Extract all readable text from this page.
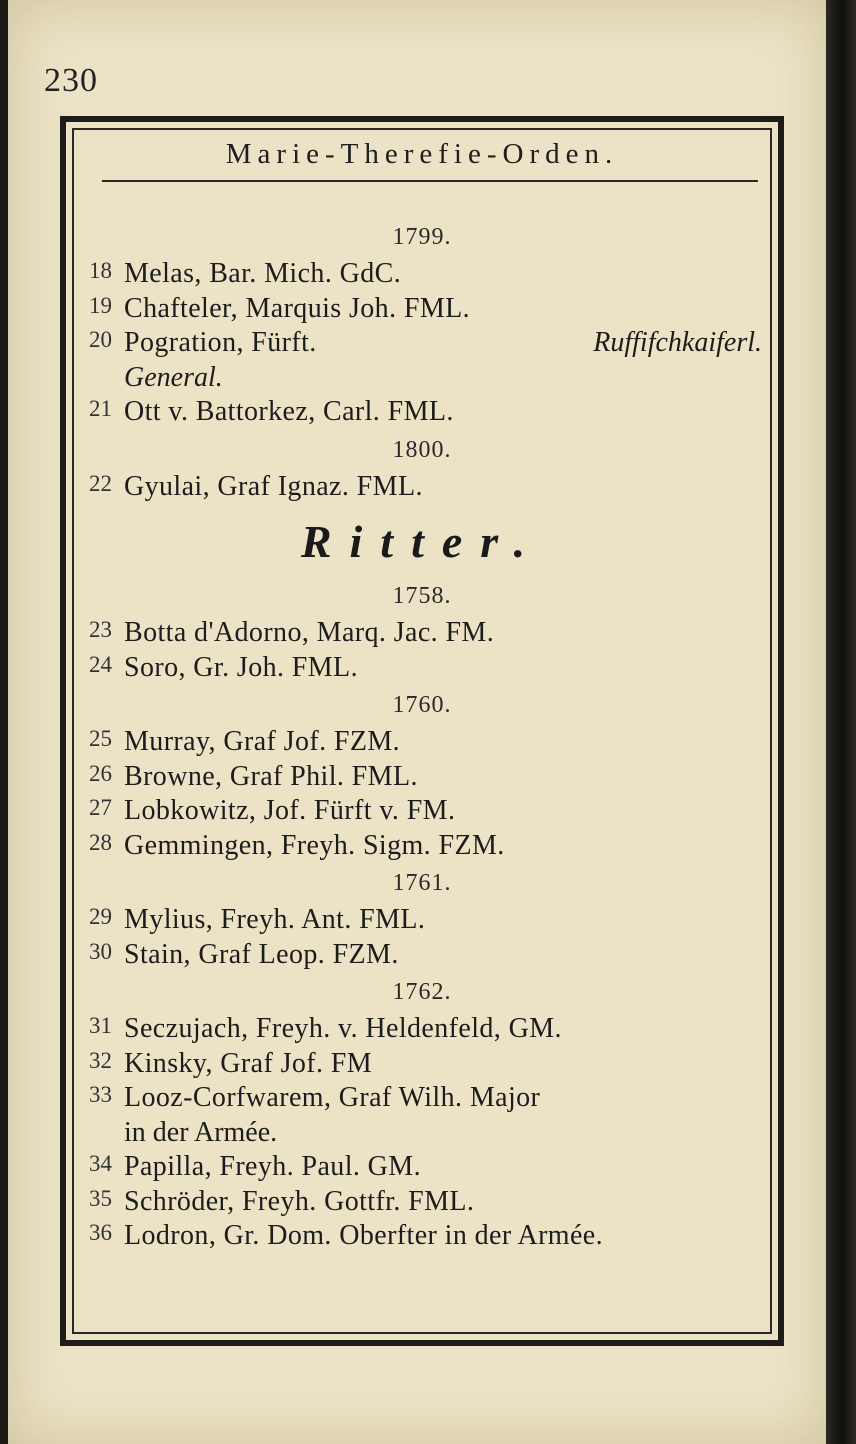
230
Marie-Therefie-Orden.
1799.
18 Melas, Bar. Mich. GdC.
19 Chafteler, Marquis Joh. FML.
20 Pogration, Fürft.	Ruffifchkaiferl.
General.
21 Ott v. Battorkez, Carl. FML.
1800.
22 Gyulai, Graf Ignaz. FML.
Ritter.
1758.
23 Botta d'Adorno, Marq. Jac. FM.
24 Soro, Gr. Joh. FML.
1760.
25 Murray, Graf Jof. FZM.
26 Browne, Graf Phil. FML.
27 Lobkowitz, Jof. Fürft v. FM.
28 Gemmingen, Freyh. Sigm. FZM.
1761.
29 Mylius, Freyh. Ant. FML.
30 Stain, Graf Leop. FZM.
1762.
31 Seczujach, Freyh. v. Heldenfeld, GM.
32 Kinsky, Graf Jof. FM
33 Looz-Corfwarem, Graf Wilh. Major
in der Armée.
34 Papilla, Freyh. Paul. GM.
35 Schröder, Freyh. Gottfr. FML.
36 Lodron, Gr. Dom. Oberfter in der Armée.
